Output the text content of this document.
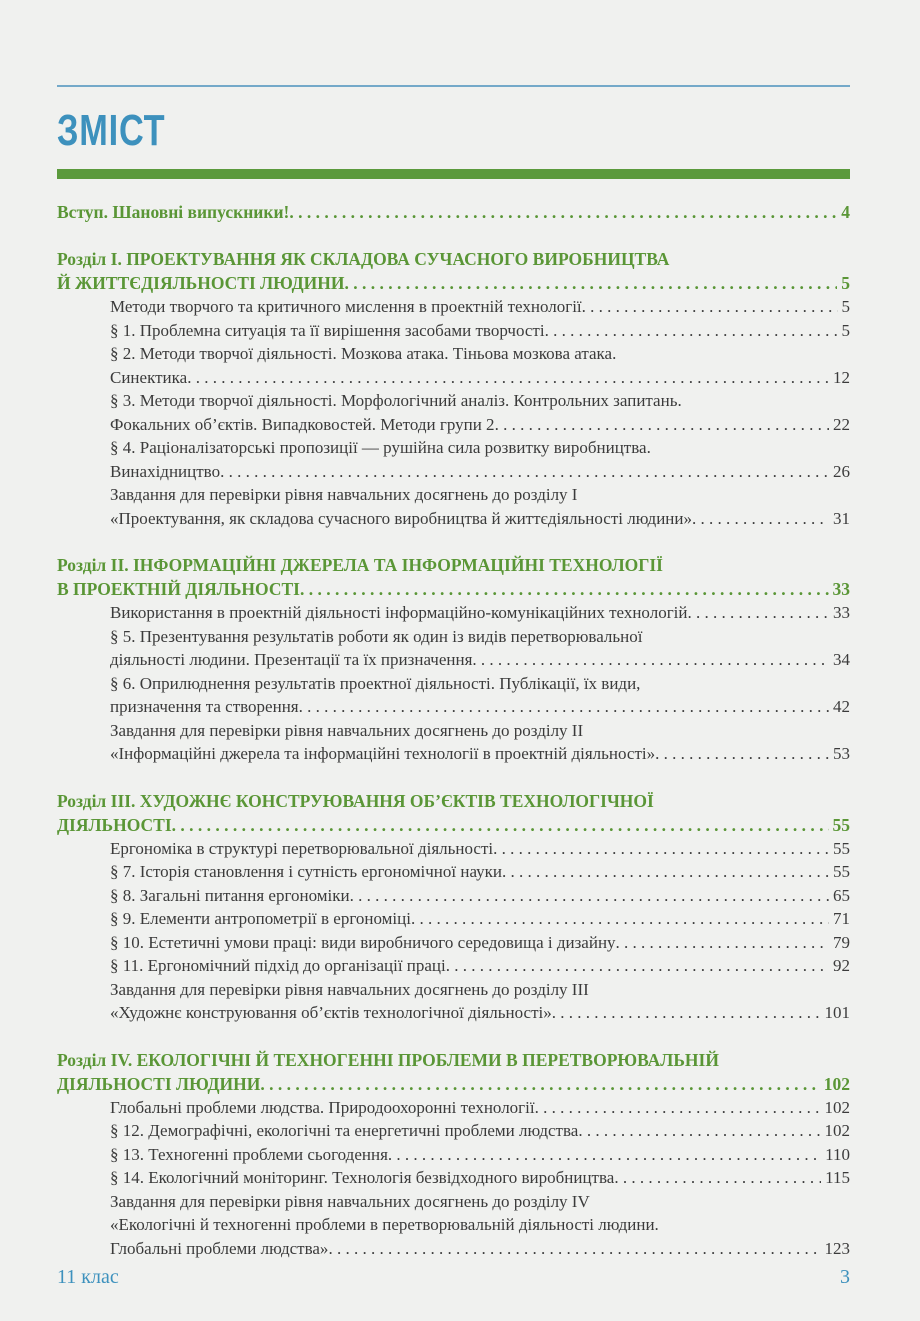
ЗМІСТ
Вступ. Шановні випускники! . . .	4
Розділ І. ПРОЕКТУВАННЯ ЯК СКЛАДОВА СУЧАСНОГО ВИРОБНИЦТВА
Й ЖИТТЄДІЯЛЬНОСТІ ЛЮДИНИ . . .	5
Методи творчого та критичного мислення в проектній технології . . .	5
§ 1. Проблемна ситуація та її вирішення засобами творчості . . .	5
§ 2. Методи творчої діяльності. Мозкова атака. Тіньова мозкова атака.
Синектика . . .	12
§ 3. Методи творчої діяльності. Морфологічний аналіз. Контрольних запитань.
Фокальних об’єктів. Випадковостей. Методи групи 2 . . .	22
§ 4. Раціоналізаторські пропозиції — рушійна сила розвитку виробництва.
Винахідництво . . .	26
Завдання для перевірки рівня навчальних досягнень до розділу І
«Проектування, як складова сучасного виробництва й життєдіяльності людини» . . .	31
Розділ ІІ. ІНФОРМАЦІЙНІ ДЖЕРЕЛА ТА ІНФОРМАЦІЙНІ ТЕХНОЛОГІЇ
В ПРОЕКТНІЙ ДІЯЛЬНОСТІ . . .	33
Використання в проектній діяльності інформаційно-комунікаційних технологій . . .	33
§ 5. Презентування результатів роботи як один із видів перетворювальної
діяльності людини. Презентації та їх призначення . . .	34
§ 6. Оприлюднення результатів проектної діяльності. Публікації, їх види,
призначення та створення . . .	42
Завдання для перевірки рівня навчальних досягнень до розділу ІІ
«Інформаційні джерела та інформаційні технології в проектній діяльності» . . .	53
Розділ ІІІ. ХУДОЖНЄ КОНСТРУЮВАННЯ ОБ’ЄКТІВ ТЕХНОЛОГІЧНОЇ
ДІЯЛЬНОСТІ . . .	55
Ергономіка в структурі перетворювальної діяльності . . .	55
§ 7. Історія становлення і сутність ергономічної науки . . .	55
§ 8. Загальні питання ергономіки . . .	65
§ 9. Елементи антропометрії в ергономіці . . .	71
§ 10. Естетичні умови праці: види виробничого середовища і дизайну . . .	79
§ 11. Ергономічний підхід до організації праці . . .	92
Завдання для перевірки рівня навчальних досягнень до розділу ІІІ
«Художнє конструювання об’єктів технологічної діяльності» . . .	101
Розділ ІV. ЕКОЛОГІЧНІ Й ТЕХНОГЕННІ ПРОБЛЕМИ В ПЕРЕТВОРЮВАЛЬНІЙ
ДІЯЛЬНОСТІ ЛЮДИНИ . . .	102
Глобальні проблеми людства. Природоохоронні технології . . .	102
§ 12. Демографічні, екологічні та енергетичні проблеми людства . . .	102
§ 13. Техногенні проблеми сьогодення . . .	110
§ 14. Екологічний моніторинг. Технологія безвідходного виробництва . . .	115
Завдання для перевірки рівня навчальних досягнень до розділу ІV
«Екологічні й техногенні проблеми в перетворювальній діяльності людини.
Глобальні проблеми людства» . . .	123
11 клас	3
